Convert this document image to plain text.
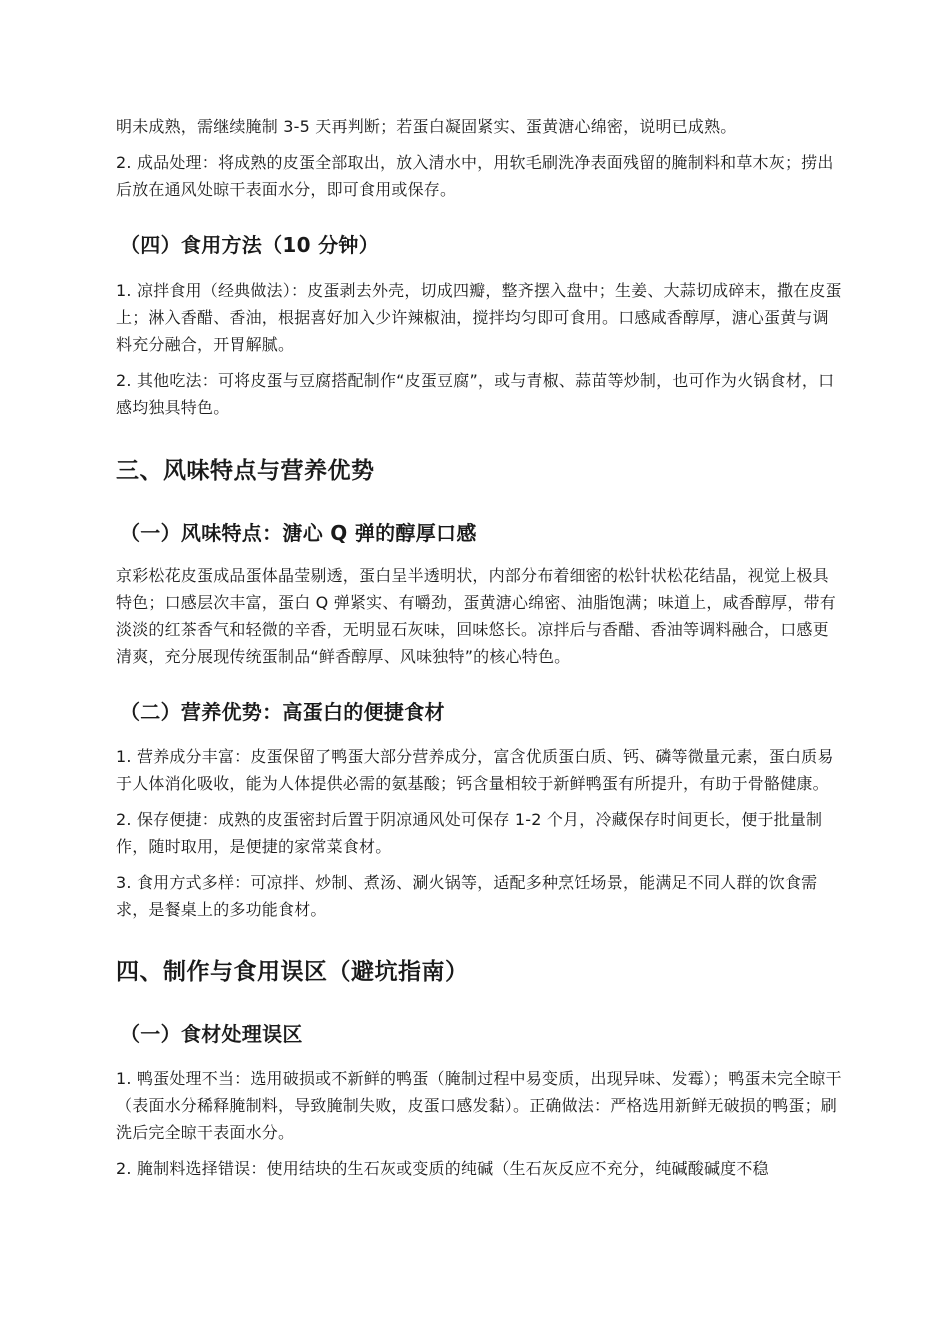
明未成熟，需继续腌制 3-5 天再判断；若蛋白凝固紧实、蛋黄溏心绵密，说明已成熟。

2. 成品处理：将成熟的皮蛋全部取出，放入清水中，用软毛刷洗净表面残留的腌制料和草木灰；捞出后放在通风处晾干表面水分，即可食用或保存。

（四）食用方法（10 分钟）

1. 凉拌食用（经典做法）：皮蛋剥去外壳，切成四瓣，整齐摆入盘中；生姜、大蒜切成碎末，撒在皮蛋上；淋入香醋、香油，根据喜好加入少许辣椒油，搅拌均匀即可食用。口感咸香醇厚，溏心蛋黄与调料充分融合，开胃解腻。

2. 其他吃法：可将皮蛋与豆腐搭配制作“皮蛋豆腐”，或与青椒、蒜苗等炒制，也可作为火锅食材，口感均独具特色。

三、风味特点与营养优势
（一）风味特点：溏心 Q 弹的醇厚口感

京彩松花皮蛋成品蛋体晶莹剔透，蛋白呈半透明状，内部分布着细密的松针状松花结晶，视觉上极具特色；口感层次丰富，蛋白 Q 弹紧实、有嚼劲，蛋黄溏心绵密、油脂饱满；味道上，咸香醇厚，带有淡淡的红茶香气和轻微的辛香，无明显石灰味，回味悠长。凉拌后与香醋、香油等调料融合，口感更清爽，充分展现传统蛋制品“鲜香醇厚、风味独特”的核心特色。

（二）营养优势：高蛋白的便捷食材

1. 营养成分丰富：皮蛋保留了鸭蛋大部分营养成分，富含优质蛋白质、钙、磷等微量元素，蛋白质易于人体消化吸收，能为人体提供必需的氨基酸；钙含量相较于新鲜鸭蛋有所提升，有助于骨骼健康。

2. 保存便捷：成熟的皮蛋密封后置于阴凉通风处可保存 1-2 个月，冷藏保存时间更长，便于批量制作，随时取用，是便捷的家常菜食材。

3. 食用方式多样：可凉拌、炒制、煮汤、涮火锅等，适配多种烹饪场景，能满足不同人群的饮食需求，是餐桌上的多功能食材。

四、制作与食用误区（避坑指南）
（一）食材处理误区

1. 鸭蛋处理不当：选用破损或不新鲜的鸭蛋（腌制过程中易变质，出现异味、发霉）；鸭蛋未完全晾干（表面水分稀释腌制料，导致腌制失败，皮蛋口感发黏）。正确做法：严格选用新鲜无破损的鸭蛋；刷洗后完全晾干表面水分。

2. 腌制料选择错误：使用结块的生石灰或变质的纯碱（生石灰反应不充分，纯碱酸碱度不稳
